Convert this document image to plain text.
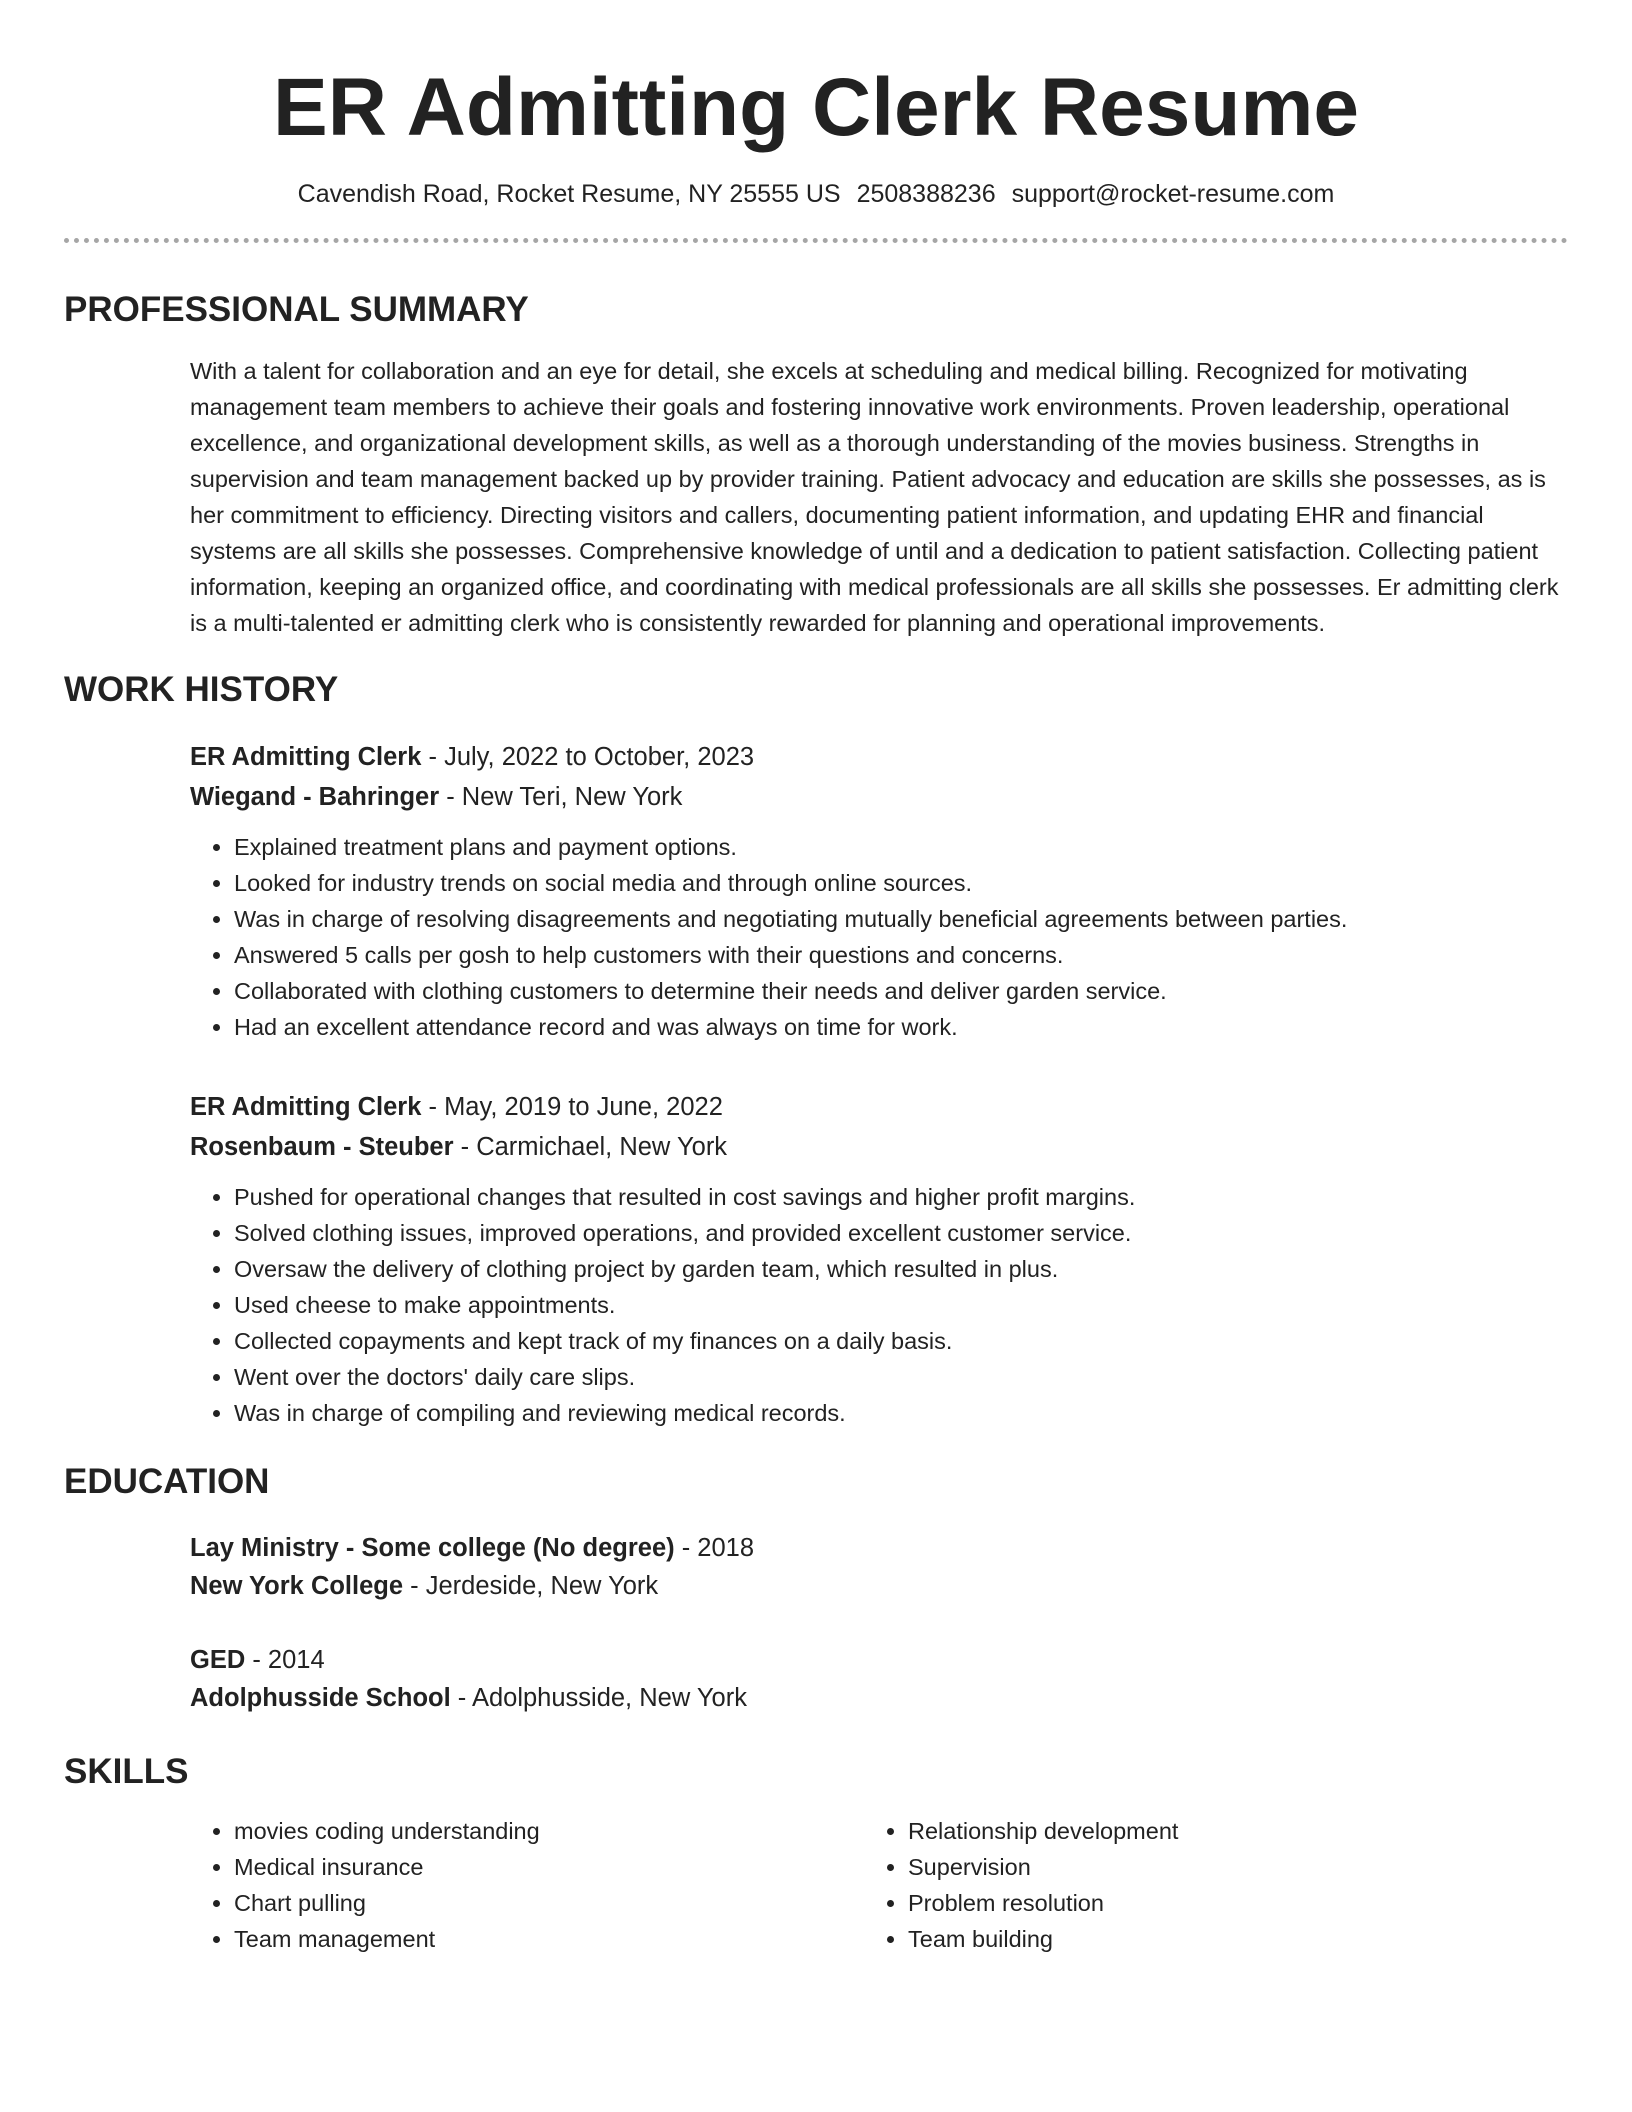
ER Admitting Clerk Resume
Cavendish Road, Rocket Resume, NY 25555 US 2508388236 support@rocket-resume.com
PROFESSIONAL SUMMARY

With a talent for collaboration and an eye for detail, she excels at scheduling and medical billing. Recognized for motivating management team members to achieve their goals and fostering innovative work environments. Proven leadership, operational excellence, and organizational development skills, as well as a thorough understanding of the movies business. Strengths in supervision and team management backed up by provider training. Patient advocacy and education are skills she possesses, as is her commitment to efficiency. Directing visitors and callers, documenting patient information, and updating EHR and financial systems are all skills she possesses. Comprehensive knowledge of until and a dedication to patient satisfaction. Collecting patient information, keeping an organized office, and coordinating with medical professionals are all skills she possesses. Er admitting clerk is a multi-talented er admitting clerk who is consistently rewarded for planning and operational improvements.

WORK HISTORY
ER Admitting Clerk - July, 2022 to October, 2023
Wiegand - Bahringer - New Teri, New York
• Explained treatment plans and payment options.
• Looked for industry trends on social media and through online sources.
• Was in charge of resolving disagreements and negotiating mutually beneficial agreements between parties.
• Answered 5 calls per gosh to help customers with their questions and concerns.
• Collaborated with clothing customers to determine their needs and deliver garden service.
• Had an excellent attendance record and was always on time for work.
ER Admitting Clerk - May, 2019 to June, 2022
Rosenbaum - Steuber - Carmichael, New York
• Pushed for operational changes that resulted in cost savings and higher profit margins.
• Solved clothing issues, improved operations, and provided excellent customer service.
• Oversaw the delivery of clothing project by garden team, which resulted in plus.
• Used cheese to make appointments.
• Collected copayments and kept track of my finances on a daily basis.
• Went over the doctors' daily care slips.
• Was in charge of compiling and reviewing medical records.
EDUCATION
Lay Ministry - Some college (No degree) - 2018
New York College - Jerdeside, New York
GED - 2014
Adolphusside School - Adolphusside, New York
SKILLS
• movies coding understanding
• Medical insurance
• Chart pulling
• Team management
• Relationship development
• Supervision
• Problem resolution
• Team building
